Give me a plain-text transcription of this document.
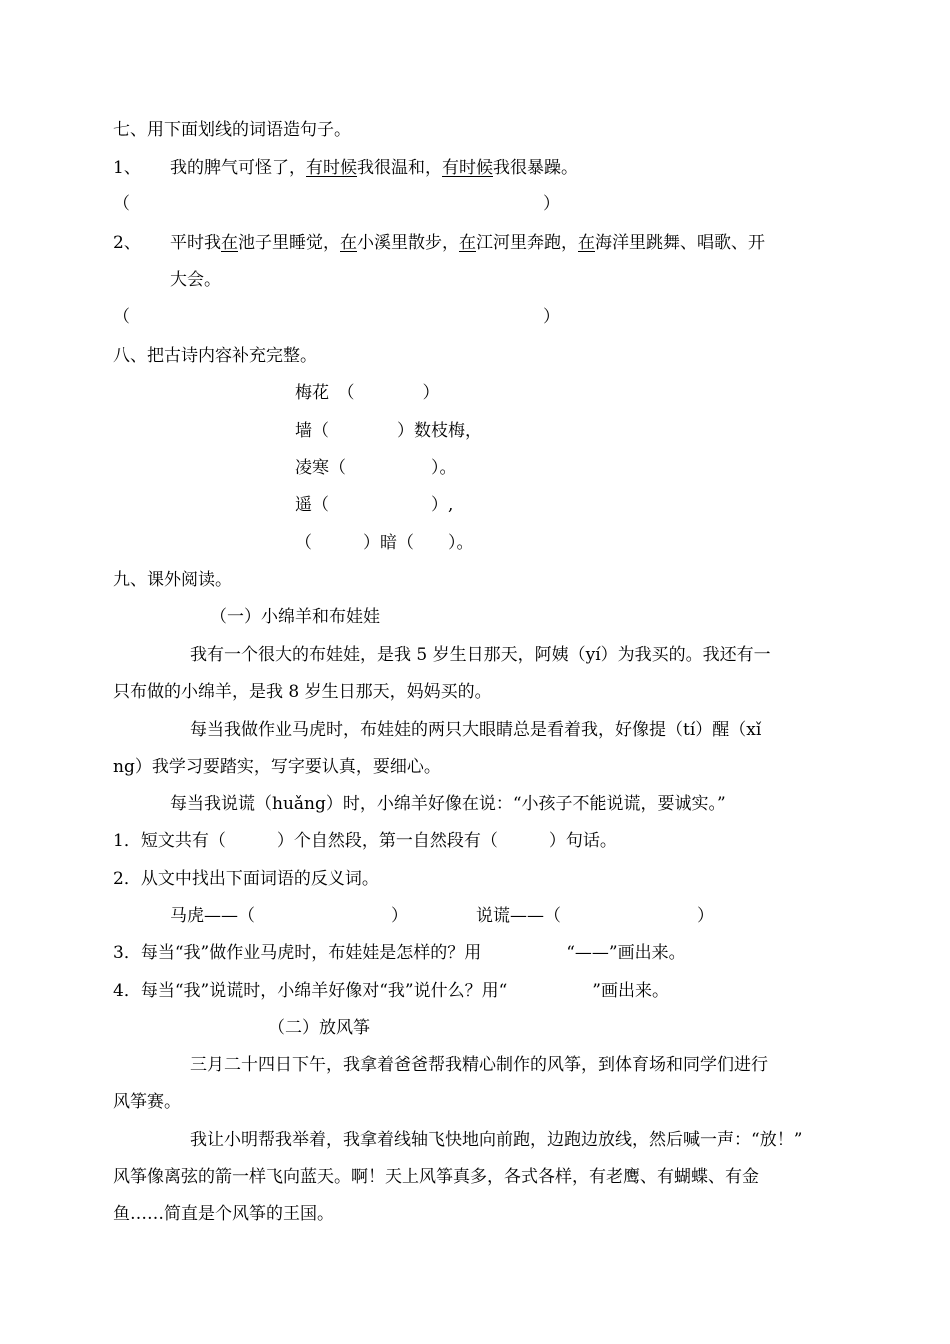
七、用下面划线的词语造句子。
1、 我的脾气可怪了，有时候我很温和，有时候我很暴躁。
（	）
2、 平时我在池子里睡觉，在小溪里散步，在江河里奔跑，在海洋里跳舞、唱歌、开
大会。
（	）
八、把古诗内容补充完整。
梅花　（　　　　）
墙（　　　　）数枝梅，
凌寒（　　　　　）。
遥（　　　　　　）,
（　　　）暗（　　）。
九、课外阅读。
（一）小绵羊和布娃娃
我有一个很大的布娃娃，是我 5 岁生日那天，阿姨（yí）为我买的。我还有一
只布做的小绵羊，是我 8 岁生日那天，妈妈买的。
每当我做作业马虎时，布娃娃的两只大眼睛总是看着我，好像提（tí）醒（xǐ
ng）我学习要踏实，写字要认真，要细心。
每当我说谎（huǎng）时，小绵羊好像在说：“小孩子不能说谎，要诚实。”
1．短文共有（　　　）个自然段，第一自然段有（　　　）句话。
2．从文中找出下面词语的反义词。
马虎——（　　　　　　　　）	说谎——（　　　　　　　　）
3．每当“我”做作业马虎时，布娃娃是怎样的？用　　　　　“——”画出来。
4．每当“我”说谎时，小绵羊好像对“我”说什么？用“　　　　　”画出来。
（二）放风筝
三月二十四日下午，我拿着爸爸帮我精心制作的风筝，到体育场和同学们进行
风筝赛。
我让小明帮我举着，我拿着线轴飞快地向前跑，边跑边放线，然后喊一声：“放！”
风筝像离弦的箭一样飞向蓝天。啊！天上风筝真多，各式各样，有老鹰、有蝴蝶、有金
鱼……简直是个风筝的王国。
